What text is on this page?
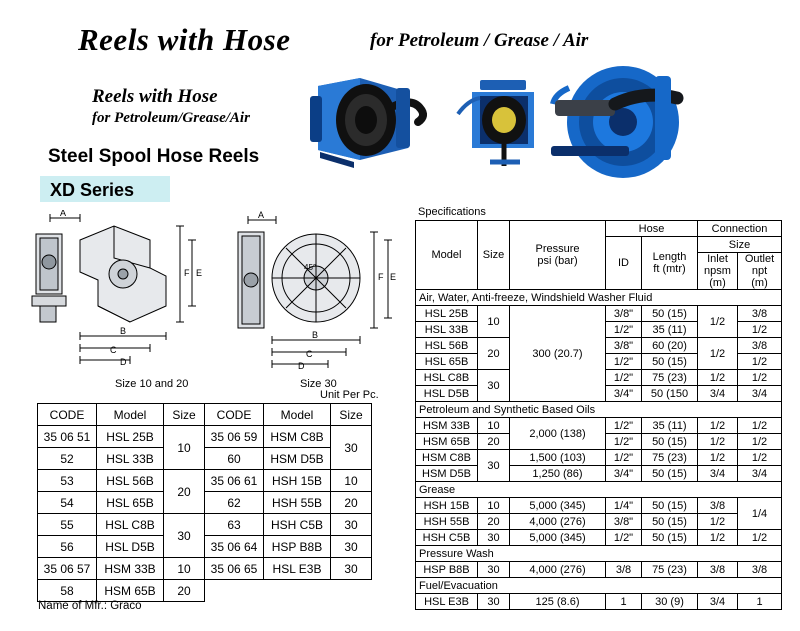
Reels with Hose	for Petroleum / Grease / Air
Reels with Hose
for Petroleum/Grease/Air
Steel Spool Hose Reels
XD Series
A
D
C
B
F E
A
D
C
B
F E
45°
Size 10 and 20	Size 30
Unit Per Pc.
CODE	Model	Size	CODE	Model	Size
35 06 51	HSL 25B	10	35 06 59	HSM C8B	30
52	HSL 33B		60	HSM D5B	
53	HSL 56B	20	35 06 61	HSH 15B	10
54	HSL 65B		62	HSH 55B	20
55	HSL C8B	30	63	HSH C5B	30
56	HSL D5B		35 06 64	HSP B8B	30
35 06 57	HSM 33B	10	35 06 65	HSL E3B	30
58	HSM 65B	20			
Name of Mfr.: Graco
Specifications
Model	Size	Pressure
psi (bar)	Hose		Connection	

			ID	Length
ft (mtr)	Size	

Inlet
npsm
(m)

Outlet
npt
(m)

Air, Water, Anti-freeze, Windshield Washer Fluid						
HSL 25B	10	300 (20.7)	3/8"	50 (15)	1/2	3/8
HSL 33B			1/2"	35 (11)		1/2
HSL 56B	20		3/8"	60 (20)	1/2	3/8
HSL 65B			1/2"	50 (15)		1/2
HSL C8B	30		1/2"	75 (23)	1/2	1/2
HSL D5B			3/4"	50 (150	3/4	3/4
Petroleum and Synthetic Based Oils						
HSM 33B	10	2,000 (138)	1/2"	35 (11)	1/2	1/2
HSM 65B	20		1/2"	50 (15)	1/2	1/2
HSM C8B	30	1,500 (103)	1/2"	75 (23)	1/2	1/2
HSM D5B		1,250 (86)	3/4"	50 (15)	3/4	3/4
Grease						
HSH 15B	10	5,000 (345)	1/4"	50 (15)	3/8	1/4
HSH 55B	20	4,000 (276)	3/8"	50 (15)	1/2	
HSH C5B	30	5,000 (345)	1/2"	50 (15)	1/2	1/2
Pressure Wash						
HSP B8B	30	4,000 (276)	3/8	75 (23)	3/8	3/8
Fuel/Evacuation						
HSL E3B	30	125 (8.6)	1	30 (9)	3/4	1
